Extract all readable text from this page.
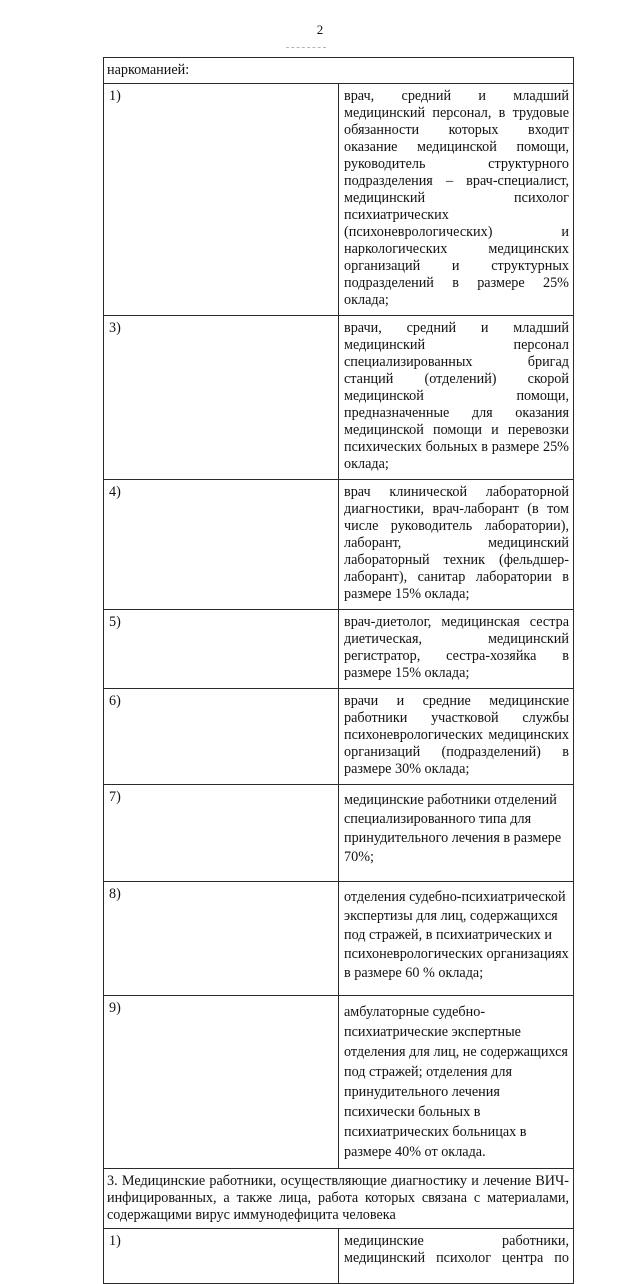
2
наркоманией:	
1)	врач, средний и младший медицинский персонал, в трудовые обязанности которых входит оказание медицинской помощи, руководитель структурного подразделения – врач-специалист, медицинский психолог психиатрических (психоневрологических) и наркологических медицинских организаций и структурных подразделений в размере 25% оклада;
3)	врачи, средний и младший медицинский персонал специализированных бригад станций (отделений) скорой медицинской помощи, предназначенные для оказания медицинской помощи и перевозки психических больных в размере 25% оклада;
4)	врач клинической лабораторной диагностики, врач-лаборант (в том числе руководитель лаборатории), лаборант, медицинский лабораторный техник (фельдшер-лаборант), санитар лаборатории в размере 15% оклада;
5)	врач-диетолог, медицинская сестра диетическая, медицинский регистратор, сестра-хозяйка в размере 15% оклада;
6)	врачи и средние медицинские работники участковой службы психоневрологических медицинских организаций (подразделений) в размере 30% оклада;
7)	медицинские работники отделений специализированного типа для принудительного лечения в размере 70%;
8)	отделения судебно-психиатрической экспертизы для лиц, содержащихся под стражей, в психиатрических и психоневрологических организациях в размере 60 % оклада;
9)	амбулаторные судебно-психиатрические экспертные отделения для лиц, не содержащихся под стражей; отделения для принудительного лечения психически больных в психиатрических больницах в размере 40% от оклада.
3. Медицинские работники, осуществляющие диагностику и лечение ВИЧ-инфицированных, а также лица, работа которых связана с материалами, содержащими вирус иммунодефицита человека	
1)	медицинские работники, медицинский психолог центра по
